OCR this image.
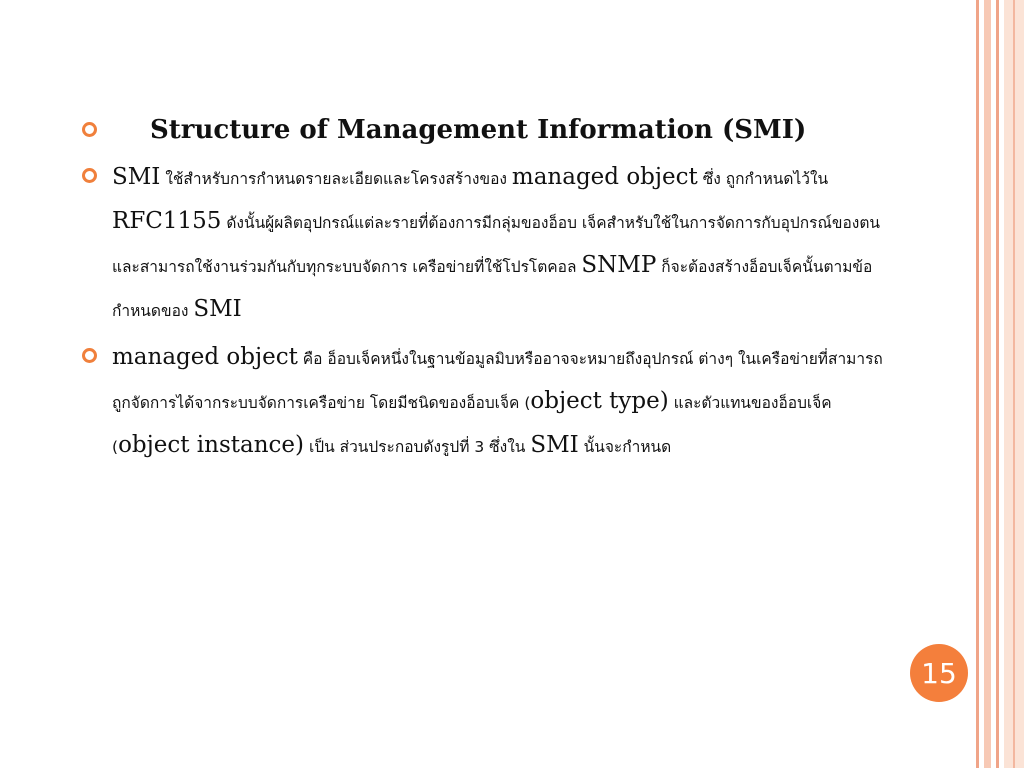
Structure of Management Information (SMI)
SMI ใช้สำหรับการกำหนดรายละเอียดและโครงสร้างของ managed object ซึ่ง ถูกกำหนดไว้ใน RFC1155 ดังนั้นผู้ผลิตอุปกรณ์แต่ละรายที่ต้องการมีกลุ่มของอ็อบ เจ็คสำหรับใช้ในการจัดการกับอุปกรณ์ของตน และสามารถใช้งานร่วมกันกับทุกระบบจัดการ เครือข่ายที่ใช้โปรโตคอล SNMP ก็จะต้องสร้างอ็อบเจ็คนั้นตามข้อกำหนดของ SMI
managed object คือ อ็อบเจ็คหนึ่งในฐานข้อมูลมิบหรืออาจจะหมายถึงอุปกรณ์ ต่างๆ ในเครือข่ายที่สามารถถูกจัดการได้จากระบบจัดการเครือข่าย โดยมีชนิดของอ็อบเจ็ค (object type) และตัวแทนของอ็อบเจ็ค (object instance) เป็น ส่วนประกอบดังรูปที่ 3 ซึ่งใน SMI นั้นจะกำหนด
15
